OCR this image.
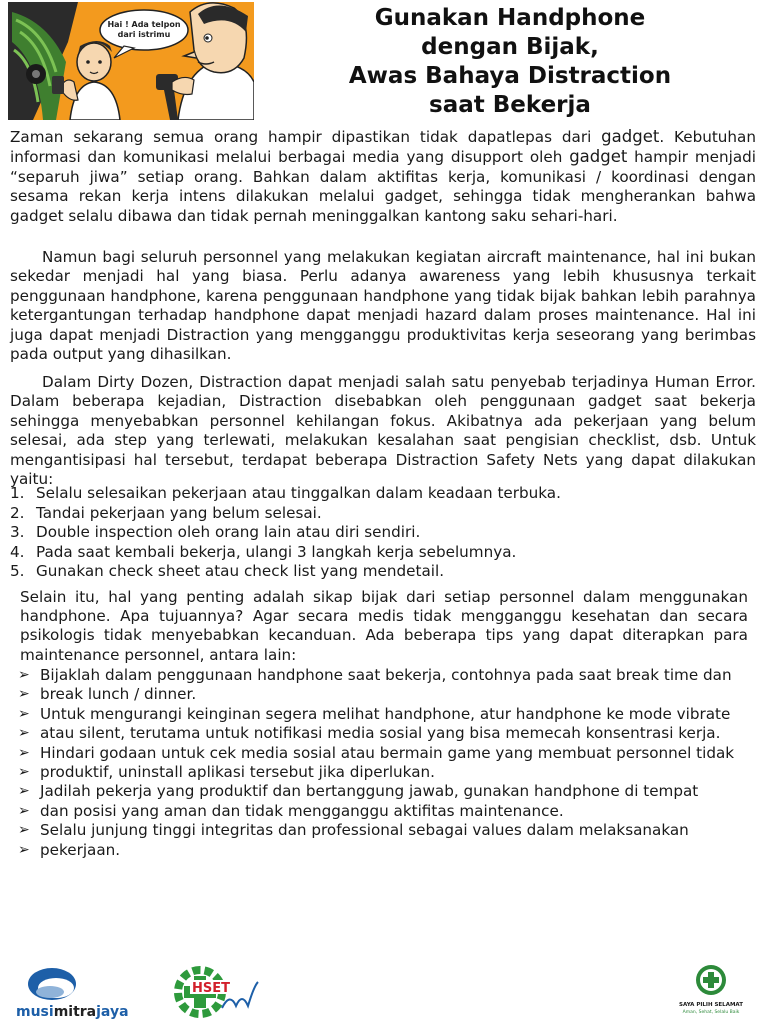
Hai ! Ada telpon
dari istrimu
Gunakan Handphone
dengan Bijak,
Awas Bahaya Distraction
saat Bekerja
Zaman sekarang semua orang hampir dipastikan tidak dapatlepas dari gadget. Kebutuhan informasi dan komunikasi melalui berbagai media yang disupport oleh gadget hampir menjadi “separuh jiwa” setiap orang. Bahkan dalam aktifitas kerja, komunikasi / koordinasi dengan sesama rekan kerja intens dilakukan melalui gadget, sehingga tidak mengherankan bahwa gadget selalu dibawa dan tidak pernah meninggalkan kantong saku sehari-hari.
Namun bagi seluruh personnel yang melakukan kegiatan aircraft maintenance, hal ini bukan sekedar menjadi hal yang biasa. Perlu adanya awareness yang lebih khususnya terkait penggunaan handphone, karena penggunaan handphone yang tidak bijak bahkan lebih parahnya ketergantungan terhadap handphone dapat menjadi hazard dalam proses maintenance. Hal ini juga dapat menjadi Distraction yang mengganggu produktivitas kerja seseorang yang berimbas pada output yang dihasilkan.
Dalam Dirty Dozen, Distraction dapat menjadi salah satu penyebab terjadinya Human Error. Dalam beberapa kejadian, Distraction disebabkan oleh penggunaan gadget saat bekerja sehingga menyebabkan personnel kehilangan fokus. Akibatnya ada pekerjaan yang belum selesai, ada step yang terlewati, melakukan kesalahan saat pengisian checklist, dsb. Untuk mengantisipasi hal tersebut, terdapat beberapa Distraction Safety Nets yang dapat dilakukan yaitu:
1. Selalu selesaikan pekerjaan atau tinggalkan dalam keadaan terbuka.
2. Tandai pekerjaan yang belum selesai.
3. Double inspection oleh orang lain atau diri sendiri.
4. Pada saat kembali bekerja, ulangi 3 langkah kerja sebelumnya.
5. Gunakan check sheet atau check list yang mendetail.
Selain itu, hal yang penting adalah sikap bijak dari setiap personnel dalam menggunakan handphone. Apa tujuannya? Agar secara medis tidak mengganggu kesehatan dan secara psikologis tidak menyebabkan kecanduan. Ada beberapa tips yang dapat diterapkan para maintenance personnel, antara lain:
➢ Bijaklah dalam penggunaan handphone saat bekerja, contohnya pada saat break time dan
➢ break lunch / dinner.
➢ Untuk mengurangi keinginan segera melihat handphone, atur handphone ke mode vibrate
➢ atau silent, terutama untuk notifikasi media sosial yang bisa memecah konsentrasi kerja.
➢ Hindari godaan untuk cek media sosial atau bermain game yang membuat personnel tidak
➢ produktif, uninstall aplikasi tersebut jika diperlukan.
➢ Jadilah pekerja yang produktif dan bertanggung jawab, gunakan handphone di tempat
➢ dan posisi yang aman dan tidak mengganggu aktifitas maintenance.
➢ Selalu junjung tinggi integritas dan professional sebagai values dalam melaksanakan
➢ pekerjaan.
musimitrajaya
HSET
SAYA PILIH SELAMAT
Aman, Sehat, Selalu Baik
